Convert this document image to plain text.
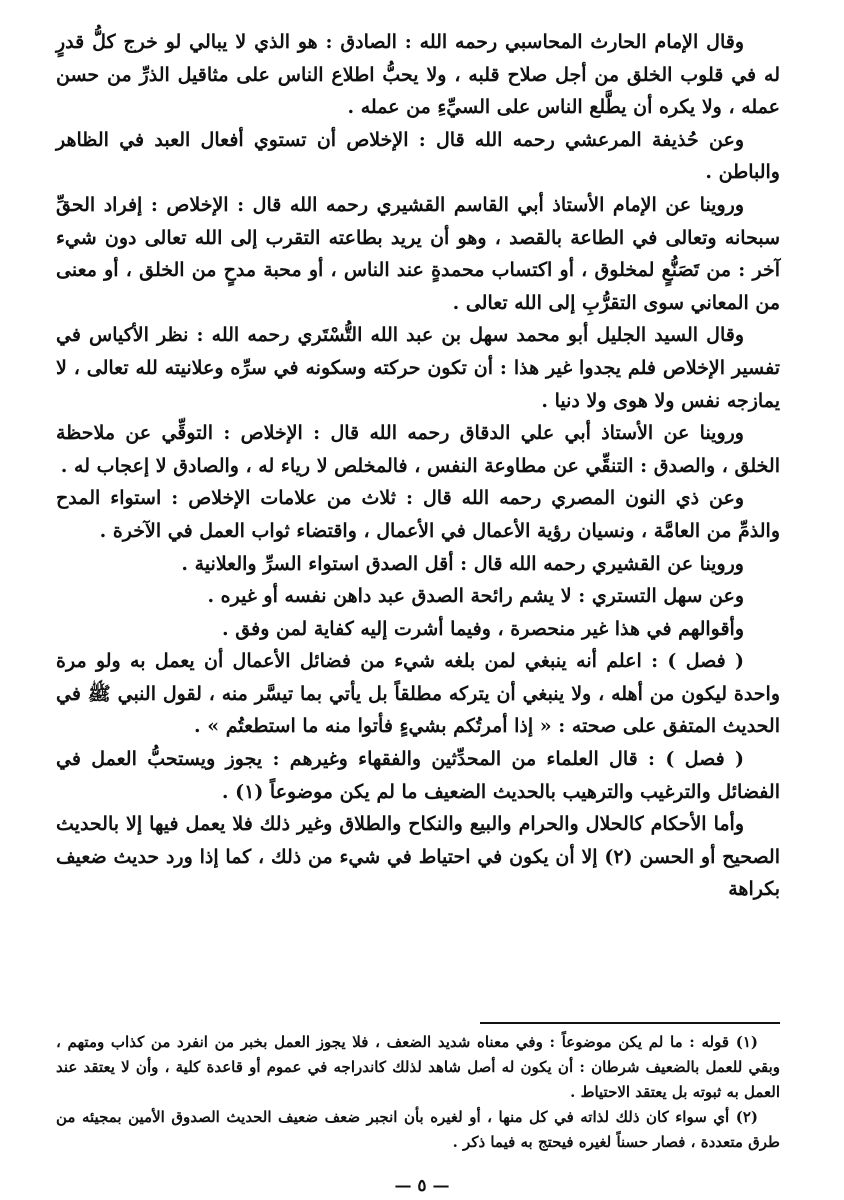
وقال الإمام الحارث المحاسبي رحمه الله : الصادق : هو الذي لا يبالي لو خرج كلُّ قدرٍ له في قلوب الخلق من أجل صلاح قلبه ، ولا يحبُّ اطلاع الناس على مثاقيل الذرِّ من حسن عمله ، ولا يكره أن يطَّلع الناس على السيِّءِ من عمله .

وعن حُذيفة المرعشي رحمه الله قال : الإخلاص أن تستوي أفعال العبد في الظاهر والباطن .

وروينا عن الإمام الأستاذ أبي القاسم القشيري رحمه الله قال : الإخلاص : إفراد الحقِّ سبحانه وتعالى في الطاعة بالقصد ، وهو أن يريد بطاعته التقرب إلى الله تعالى دون شيء آخر : من تَصَنُّعٍ لمخلوق ، أو اكتساب محمدةٍ عند الناس ، أو محبة مدحٍ من الخلق ، أو معنى من المعاني سوى التقرُّبِ إلى الله تعالى .

وقال السيد الجليل أبو محمد سهل بن عبد الله التُّسْتَري رحمه الله : نظر الأكياس في تفسير الإخلاص فلم يجدوا غير هذا : أن تكون حركته وسكونه في سرِّه وعلانيته لله تعالى ، لا يمازجه نفس ولا هوى ولا دنيا .

وروينا عن الأستاذ أبي علي الدقاق رحمه الله قال : الإخلاص : التوقِّي عن ملاحظة الخلق ، والصدق : التنقِّي عن مطاوعة النفس ، فالمخلص لا رياء له ، والصادق لا إعجاب له .

وعن ذي النون المصري رحمه الله قال : ثلاث من علامات الإخلاص : استواء المدح والذمِّ من العامَّة ، ونسيان رؤية الأعمال في الأعمال ، واقتضاء ثواب العمل في الآخرة .

وروينا عن القشيري رحمه الله قال : أقل الصدق استواء السرِّ والعلانية .

وعن سهل التستري : لا يشم رائحة الصدق عبد داهن نفسه أو غيره .

وأقوالهم في هذا غير منحصرة ، وفيما أشرت إليه كفاية لمن وفق .

( فصل ) : اعلم أنه ينبغي لمن بلغه شيء من فضائل الأعمال أن يعمل به ولو مرة واحدة ليكون من أهله ، ولا ينبغي أن يتركه مطلقاً بل يأتي بما تيسَّر منه ، لقول النبي ﷺ في الحديث المتفق على صحته : « إذا أمرتُكم بشيءٍ فأتوا منه ما استطعتُم » .

( فصل ) : قال العلماء من المحدِّثين والفقهاء وغيرهم : يجوز ويستحبُّ العمل في الفضائل والترغيب والترهيب بالحديث الضعيف ما لم يكن موضوعاً (١) .

وأما الأحكام كالحلال والحرام والبيع والنكاح والطلاق وغير ذلك فلا يعمل فيها إلا بالحديث الصحيح أو الحسن (٢) إلا أن يكون في احتياط في شيء من ذلك ، كما إذا ورد حديث ضعيف بكراهة

(١) قوله : ما لم يكن موضوعاً : وفي معناه شديد الضعف ، فلا يجوز العمل بخبر من انفرد من كذاب ومتهم ، وبقي للعمل بالضعيف شرطان : أن يكون له أصل شاهد لذلك كاندراجه في عموم أو قاعدة كلية ، وأن لا يعتقد عند العمل به ثبوته بل يعتقد الاحتياط .

(٢) أي سواء كان ذلك لذاته في كل منها ، أو لغيره بأن انجبر ضعف ضعيف الحديث الصدوق الأمين بمجيئه من طرق متعددة ، فصار حسناً لغيره فيحتج به فيما ذكر .

— ٥ —
